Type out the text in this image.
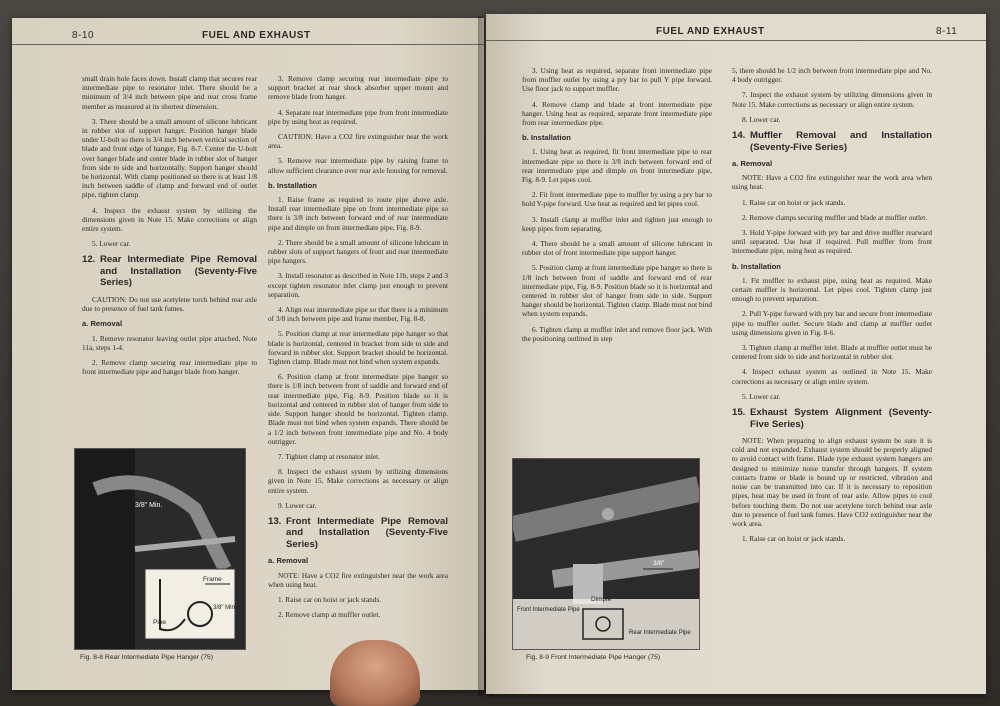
8-10	FUEL AND EXHAUST

small drain hole faces down. Install clamp that secures rear intermediate pipe to resonator inlet. There should be a minimum of 3/4 inch between pipe and rear cross frame member as measured at its shortest dimension.

3. There should be a small amount of silicone lubricant in rubber slot of support hanger. Position hanger blade under U-bolt so there is 3/4 inch between vertical section of blade and front edge of hanger, Fig. 8-7. Center the U-bolt over hanger blade and center blade in rubber slot of hanger from side to side and horizontally. Support hanger should be horizontal. With clamp positioned so there is at least 1/8 inch between saddle of clamp and forward end of outlet pipe, tighten clamp.

4. Inspect the exhaust system by utilizing the dimensions given in Note 15. Make corrections or align entire system.

5. Lower car.

12. Rear Intermediate Pipe Removal and Installation (Seventy-Five Series)

CAUTION: Do not use acetylene torch behind rear axle due to presence of fuel tank fumes.

a. Removal

1. Remove resonator leaving outlet pipe attached, Note 11a, steps 1-4.

2. Remove clamp securing rear intermediate pipe to front intermediate pipe and hanger blade from hanger.

3/8" Min.
Frame
Pipe
3/8" Min.
Fig. 8-8 Rear Intermediate Pipe Hanger (75)

3. Remove clamp securing rear intermediate pipe to support bracket at rear shock absorber upper mount and remove blade from hanger.

4. Separate rear intermediate pipe from front intermediate pipe by using heat as required.

CAUTION: Have a CO2 fire extinguisher near the work area.

5. Remove rear intermediate pipe by raising frame to allow sufficient clearance over rear axle housing for removal.

b. Installation

1. Raise frame as required to route pipe above axle. Install rear intermediate pipe on front intermediate pipe so there is 3/8 inch between forward end of rear intermediate pipe and dimple on front intermediate pipe, Fig. 8-9.

2. There should be a small amount of silicone lubricant in rubber slots of support hangers of front and rear intermediate pipe hangers.

3. Install resonator as described in Note 11b, steps 2 and 3 except tighten resonator inlet clamp just enough to prevent separation.

4. Align rear intermediate pipe so that there is a minimum of 3/8 inch between pipe and frame member, Fig. 8-8.

5. Position clamp at rear intermediate pipe hanger so that blade is horizontal, centered in bracket from side to side and forward in rubber slot. Support bracket should be horizontal. Tighten clamp. Blade must not bind when system expands.

6. Position clamp at front intermediate pipe hanger so there is 1/8 inch between front of saddle and forward end of rear intermediate pipe, Fig. 8-9. Position blade so it is horizontal and centered in rubber slot of hanger from side to side. Support hanger should be horizontal. Tighten clamp. Blade must not bind when system expands. There should be a 1/2 inch between front intermediate pipe and No. 4 body outrigger.

7. Tighten clamp at resonator inlet.

8. Inspect the exhaust system by utilizing dimensions given in Note 15. Make corrections as necessary or align entire system.

9. Lower car.

13. Front Intermediate Pipe Removal and Installation (Seventy-Five Series)
a. Removal

NOTE: Have a CO2 fire extinguisher near the work area when using heat.

1. Raise car on hoist or jack stands.

2. Remove clamp at muffler outlet.

FUEL AND EXHAUST	8-11

3. Using heat as required, separate front intermediate pipe from muffler outlet by using a pry bar to pull Y pipe forward. Use floor jack to support muffler.

4. Remove clamp and blade at front intermediate pipe hanger. Using heat as required, separate front intermediate pipe from rear intermediate pipe.

b. Installation

1. Using heat as required, fit front intermediate pipe to rear intermediate pipe so there is 3/8 inch between forward end of rear intermediate pipe and dimple on front intermediate pipe, Fig. 8-9. Let pipes cool.

2. Fit front intermediate pipe to muffler by using a pry bar to hold Y-pipe forward. Use heat as required and let pipes cool.

3. Install clamp at muffler inlet and tighten just enough to keep pipes from separating.

4. There should be a small amount of silicone lubricant in rubber slot of front intermediate pipe support hanger.

5. Position clamp at front intermediate pipe hanger so there is 1/8 inch between front of saddle and forward end of rear intermediate pipe, Fig. 8-9. Position blade so it is horizontal and centered in rubber slot of hanger from side to side. Support hanger should be horizontal. Tighten clamp. Blade must not bind when system expands.

6. Tighten clamp at muffler inlet and remove floor jack. With the positioning outlined in step

3/8"
1/8"
Dimple
Front Intermediate Pipe
Rear Intermediate Pipe
Fig. 8-9 Front Intermediate Pipe Hanger (75)

5, there should be 1/2 inch between front intermediate pipe and No. 4 body outrigger.

7. Inspect the exhaust system by utilizing dimensions given in Note 15. Make corrections as necessary or align entire system.

8. Lower car.

14. Muffler Removal and Installation (Seventy-Five Series)
a. Removal

NOTE: Have a CO2 fire extinguisher near the work area when using heat.

1. Raise car on hoist or jack stands.

2. Remove clamps securing muffler and blade at muffler outlet.

3. Hold Y-pipe forward with pry bar and drive muffler rearward until separated. Use heat if required. Pull muffler from front intermediate pipe, using heat as required.

b. Installation

1. Fit muffler to exhaust pipe, using heat as required. Make certain muffler is horizontal. Let pipes cool. Tighten clamp just enough to prevent separation.

2. Pull Y-pipe forward with pry bar and secure front intermediate pipe to muffler outlet. Secure blade and clamp at muffler outlet using dimensions given in Fig. 8-6.

3. Tighten clamp at muffler inlet. Blade at muffler outlet must be centered from side to side and horizontal in rubber slot.

4. Inspect exhaust system as outlined in Note 15. Make corrections as necessary or align entire system.

5. Lower car.

15. Exhaust System Alignment (Seventy-Five Series)

NOTE: When preparing to align exhaust system be sure it is cold and not expanded. Exhaust system should be properly aligned to avoid contact with frame. Blade type exhaust system hangers are designed to minimize noise transfer through hangers. If system contacts frame or blade is bound up or restricted, vibration and noise can be transmitted into car. If it is necessary to reposition pipes, heat may be used in front of rear axle. Allow pipes to cool before touching them. Do not use acetylene torch behind rear axle due to presence of fuel tank fumes. Have CO2 extinguisher near the work area.

1. Raise car on hoist or jack stands.
